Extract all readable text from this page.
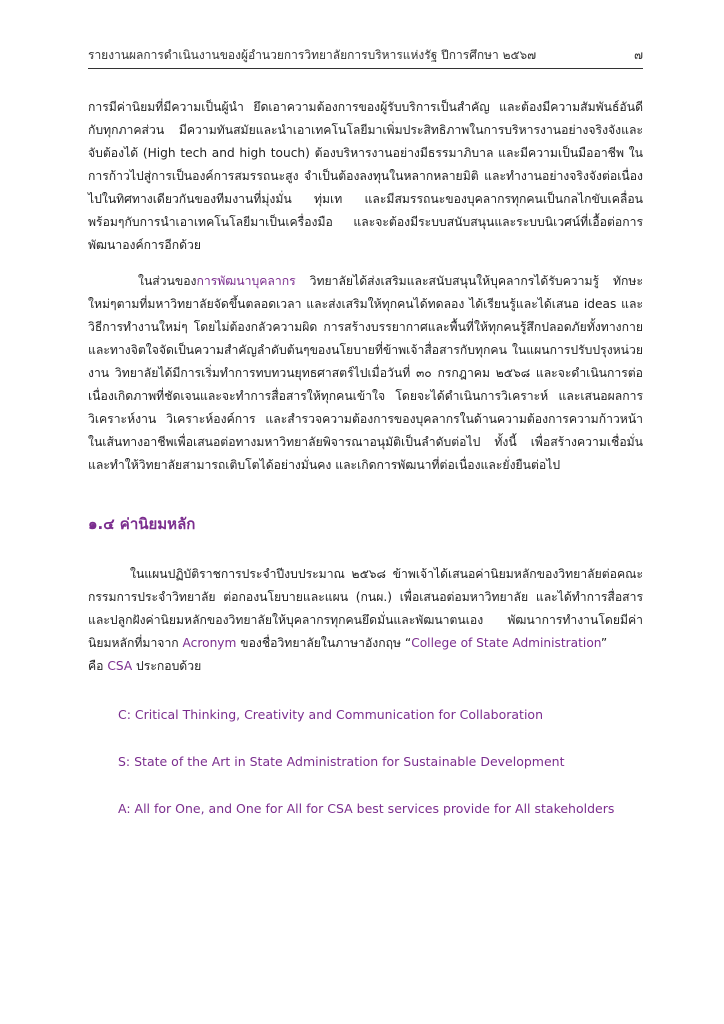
รายงานผลการดำเนินงานของผู้อำนวยการวิทยาลัยการบริหารแห่งรัฐ ปีการศึกษา ๒๕๖๗	๗
การมีค่านิยมที่มีความเป็นผู้นำ ยึดเอาความต้องการของผู้รับบริการเป็นสำคัญ และต้องมีความสัมพันธ์อันดีกับทุกภาคส่วน มีความทันสมัยและนำเอาเทคโนโลยีมาเพิ่มประสิทธิภาพในการบริหารงานอย่างจริงจังและจับต้องได้ (High tech and high touch) ต้องบริหารงานอย่างมีธรรมาภิบาล และมีความเป็นมืออาชีพ ในการก้าวไปสู่การเป็นองค์การสมรรถนะสูง จำเป็นต้องลงทุนในหลากหลายมิติ และทำงานอย่างจริงจังต่อเนื่องไปในทิศทางเดียวกันของทีมงานที่มุ่งมั่น ทุ่มเท และมีสมรรถนะของบุคลากรทุกคนเป็นกลไกขับเคลื่อน พร้อมๆกับการนำเอาเทคโนโลยีมาเป็นเครื่องมือ และจะต้องมีระบบสนับสนุนและระบบนิเวศน์ที่เอื้อต่อการพัฒนาองค์การอีกด้วย
ในส่วนของการพัฒนาบุคลากร วิทยาลัยได้ส่งเสริมและสนับสนุนให้บุคลากรได้รับความรู้ ทักษะใหม่ๆตามที่มหาวิทยาลัยจัดขึ้นตลอดเวลา และส่งเสริมให้ทุกคนได้ทดลอง ได้เรียนรู้และได้เสนอ ideas และวิธีการทำงานใหม่ๆ โดยไม่ต้องกลัวความผิด การสร้างบรรยากาศและพื้นที่ให้ทุกคนรู้สึกปลอดภัยทั้งทางกายและทางจิตใจจัดเป็นความสำคัญลำดับต้นๆของนโยบายที่ข้าพเจ้าสื่อสารกับทุกคน ในแผนการปรับปรุงหน่วยงาน วิทยาลัยได้มีการเริ่มทำการทบทวนยุทธศาสตร์ไปเมื่อวันที่ ๓๐ กรกฎาคม ๒๕๖๘ และจะดำเนินการต่อเนื่องเกิดภาพที่ชัดเจนและจะทำการสื่อสารให้ทุกคนเข้าใจ โดยจะได้ดำเนินการวิเคราะห์ และเสนอผลการวิเคราะห์งาน วิเคราะห์องค์การ และสำรวจความต้องการของบุคลากรในด้านความต้องการความก้าวหน้าในเส้นทางอาชีพเพื่อเสนอต่อทางมหาวิทยาลัยพิจารณาอนุมัติเป็นลำดับต่อไป ทั้งนี้ เพื่อสร้างความเชื่อมั่น และทำให้วิทยาลัยสามารถเติบโตได้อย่างมั่นคง และเกิดการพัฒนาที่ต่อเนื่องและยั่งยืนต่อไป
๑.๔ ค่านิยมหลัก
ในแผนปฏิบัติราชการประจำปีงบประมาณ ๒๕๖๘ ข้าพเจ้าได้เสนอค่านิยมหลักของวิทยาลัยต่อคณะกรรมการประจำวิทยาลัย ต่อกองนโยบายและแผน (กนผ.) เพื่อเสนอต่อมหาวิทยาลัย และได้ทำการสื่อสารและปลูกฝังค่านิยมหลักของวิทยาลัยให้บุคลากรทุกคนยึดมั่นและพัฒนาตนเอง พัฒนาการทำงานโดยมีค่านิยมหลักที่มาจาก Acronym ของชื่อวิทยาลัยในภาษาอังกฤษ “College of State Administration”
คือ CSA ประกอบด้วย
C: Critical Thinking, Creativity and Communication for Collaboration
S: State of the Art in State Administration for Sustainable Development
A: All for One, and One for All for CSA best services provide for All stakeholders
